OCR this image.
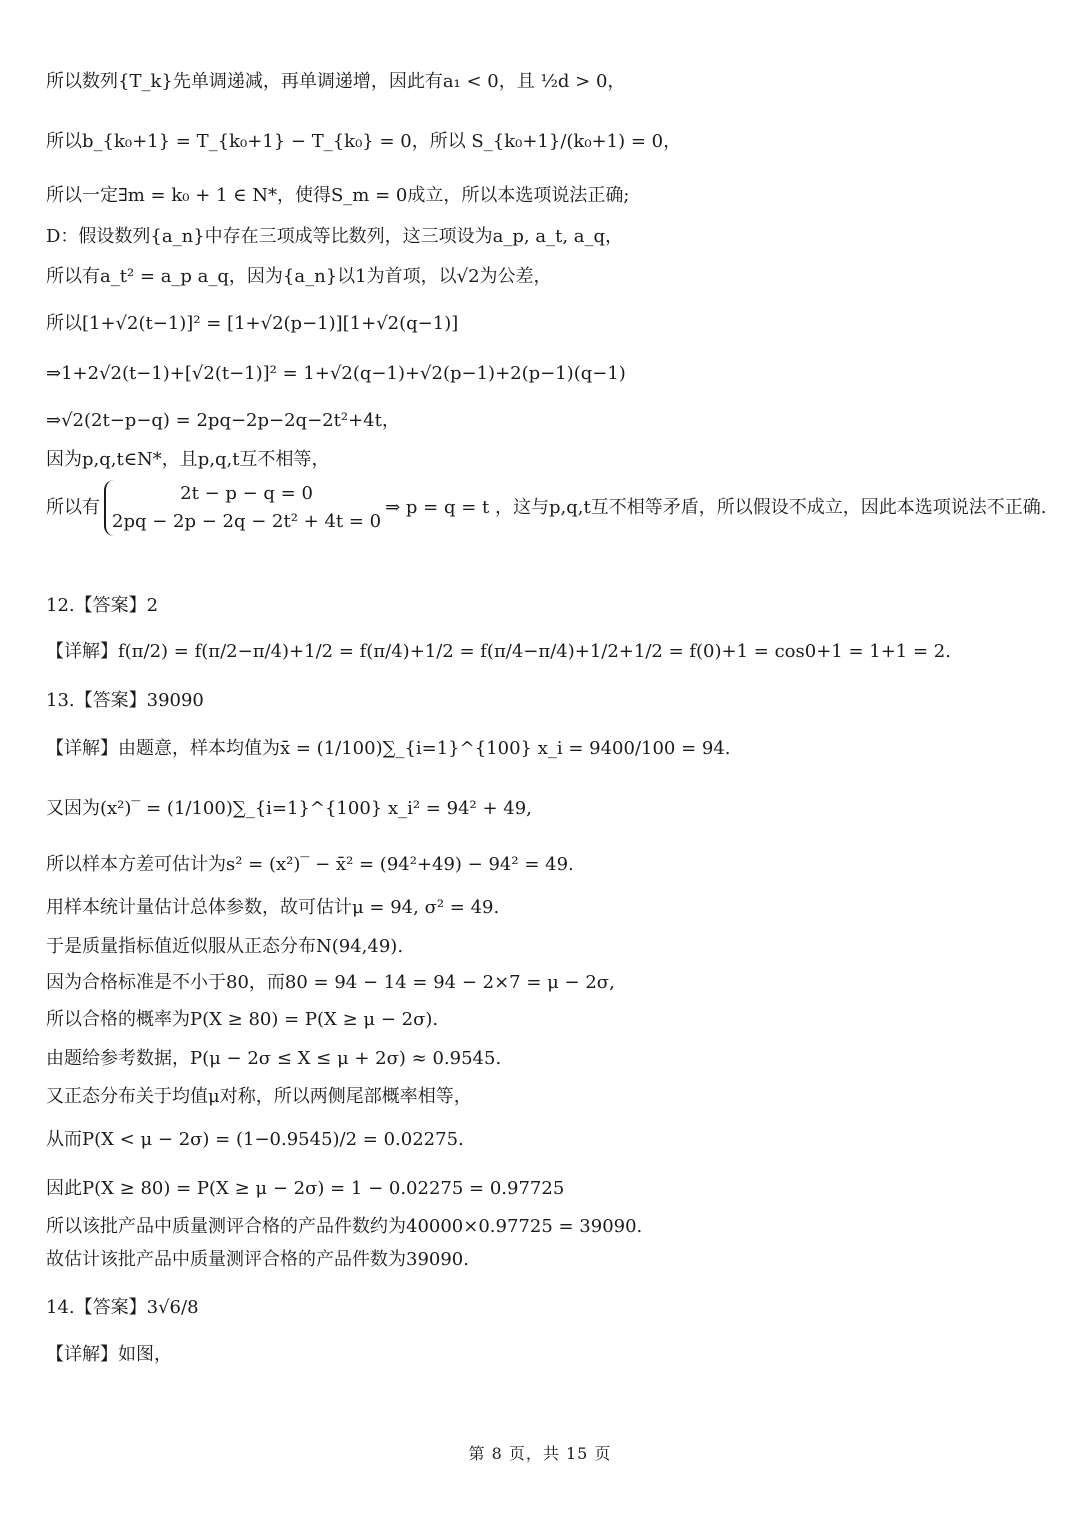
所以数列{T_k}先单调递减，再单调递增，因此有a₁ < 0，且 ½d > 0，
所以b_{k₀+1} = T_{k₀+1} − T_{k₀} = 0，所以 S_{k₀+1}/(k₀+1) = 0，
所以一定∃m = k₀ + 1 ∈ N*，使得S_m = 0成立，所以本选项说法正确;
D：假设数列{a_n}中存在三项成等比数列，这三项设为a_p, a_t, a_q，
所以有a_t² = a_p a_q，因为{a_n}以1为首项，以√2为公差，
所以[1+√2(t−1)]² = [1+√2(p−1)][1+√2(q−1)]
⇒1+2√2(t−1)+[√2(t−1)]² = 1+√2(q−1)+√2(p−1)+2(p−1)(q−1)
⇒√2(2t−p−q) = 2pq−2p−2q−2t²+4t，
因为p,q,t∈N*，且p,q,t互不相等，
所以有
2t − p − q = 0
2pq − 2p − 2q − 2t² + 4t = 0
⇒ p = q = t ，这与p,q,t互不相等矛盾，所以假设不成立，因此本选项说法不正确.
12.【答案】2
【详解】f(π/2) = f(π/2−π/4)+1/2 = f(π/4)+1/2 = f(π/4−π/4)+1/2+1/2 = f(0)+1 = cos0+1 = 1+1 = 2.
13.【答案】39090
【详解】由题意，样本均值为x̄ = (1/100)∑_{i=1}^{100} x_i = 9400/100 = 94.
又因为(x²)‾ = (1/100)∑_{i=1}^{100} x_i² = 94² + 49,
所以样本方差可估计为s² = (x²)‾ − x̄² = (94²+49) − 94² = 49.
用样本统计量估计总体参数，故可估计μ = 94, σ² = 49.
于是质量指标值近似服从正态分布N(94,49).
因为合格标准是不小于80，而80 = 94 − 14 = 94 − 2×7 = μ − 2σ,
所以合格的概率为P(X ≥ 80) = P(X ≥ μ − 2σ).
由题给参考数据，P(μ − 2σ ≤ X ≤ μ + 2σ) ≈ 0.9545.
又正态分布关于均值μ对称，所以两侧尾部概率相等，
从而P(X < μ − 2σ) = (1−0.9545)/2 = 0.02275.
因此P(X ≥ 80) = P(X ≥ μ − 2σ) = 1 − 0.02275 = 0.97725
所以该批产品中质量测评合格的产品件数约为40000×0.97725 = 39090.
故估计该批产品中质量测评合格的产品件数为39090.
14.【答案】3√6/8
【详解】如图，
第 8 页，共 15 页
